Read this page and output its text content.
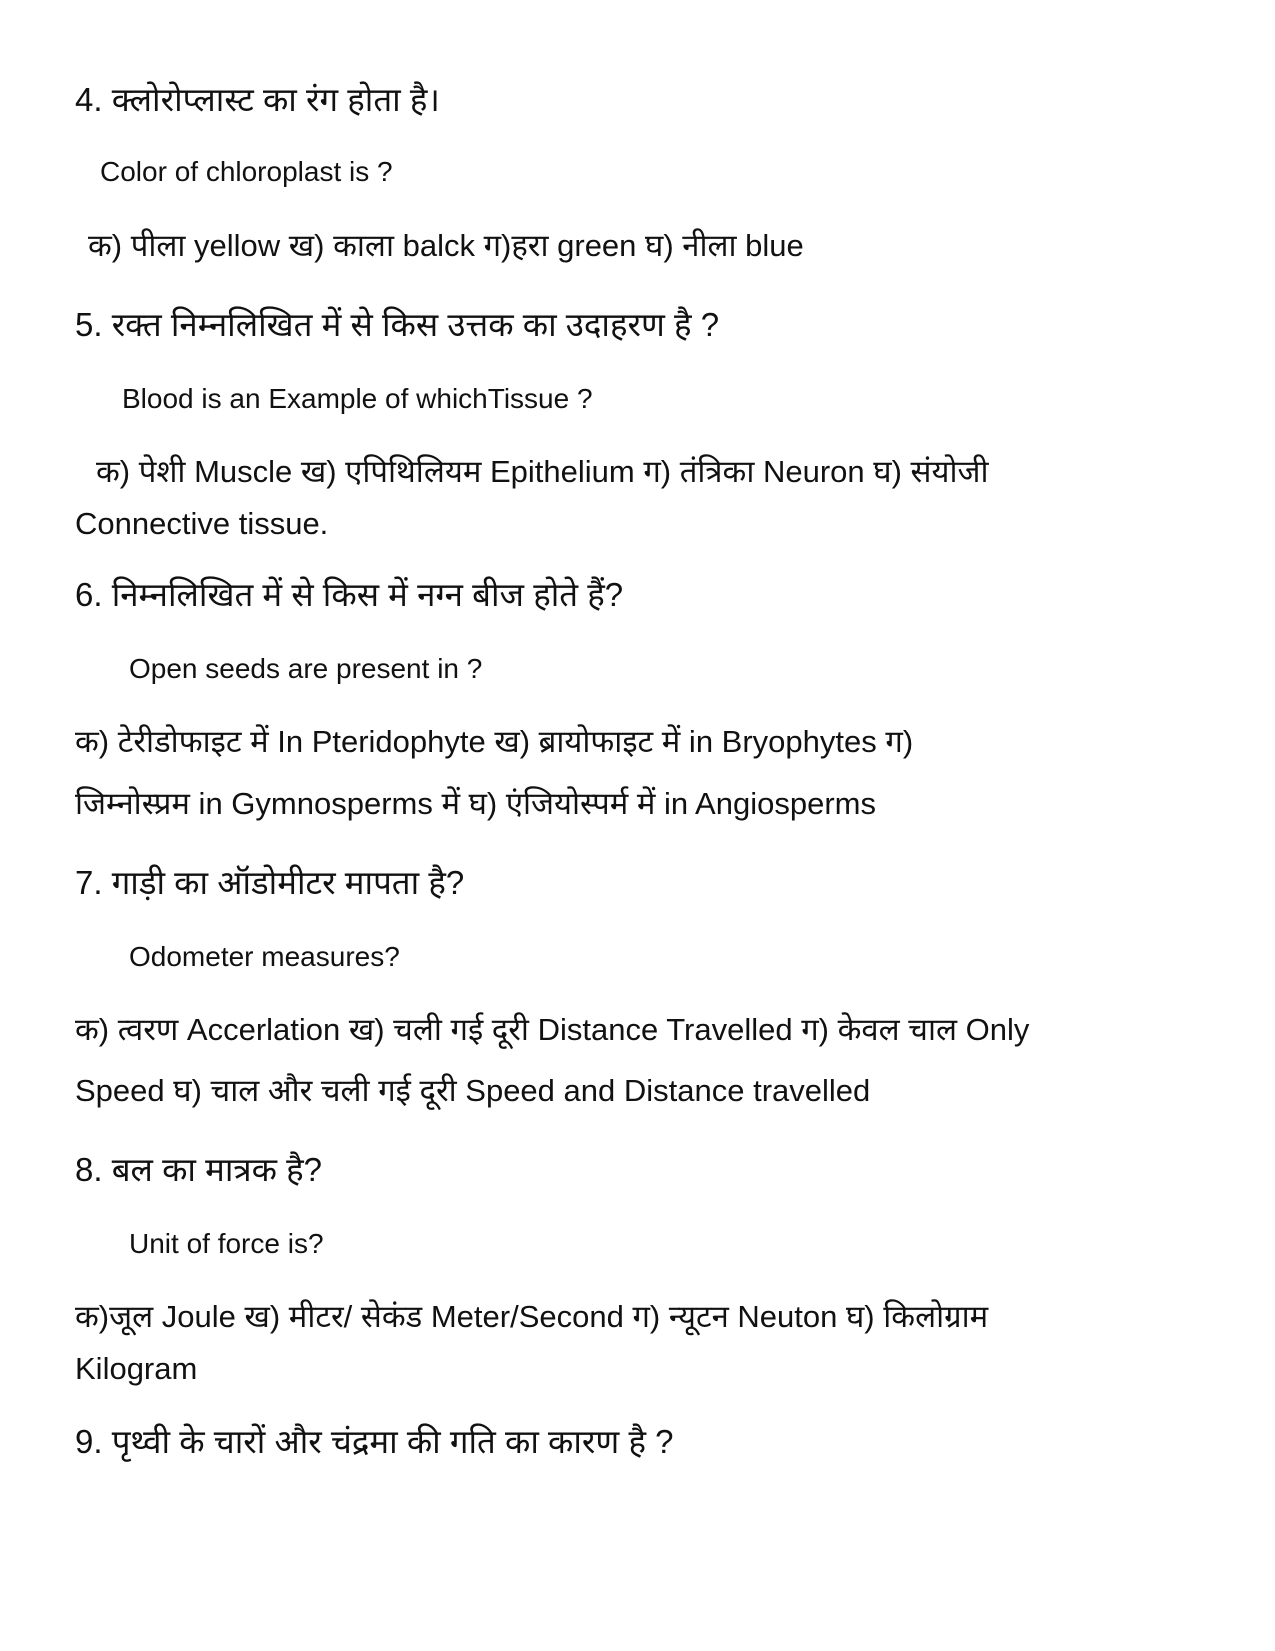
4. क्लोरोप्लास्ट का रंग होता है।
Color of chloroplast is ?
क) पीला yellow ख) काला balck ग)हरा green घ) नीला blue
5. रक्त निम्नलिखित में से किस उत्तक का उदाहरण है ?
Blood is an Example of whichTissue ?
क) पेशी Muscle ख) एपिथिलियम Epithelium ग) तंत्रिका Neuron घ) संयोजी
Connective tissue.
6. निम्नलिखित में से किस में नग्न बीज होते हैं?
Open seeds are present in ?
क) टेरीडोफाइट में In Pteridophyte ख) ब्रायोफाइट में in Bryophytes ग)
जिम्नोस्प्रम in Gymnosperms में घ) एंजियोस्पर्म में in Angiosperms
7. गाड़ी का ऑडोमीटर मापता है?
Odometer measures?
क) त्वरण Accerlation ख) चली गई दूरी Distance Travelled ग) केवल चाल Only
Speed घ) चाल और चली गई दूरी Speed and Distance travelled
8. बल का मात्रक है?
Unit of force is?
क)जूल Joule ख) मीटर/ सेकंड Meter/Second ग) न्यूटन Neuton घ) किलोग्राम
Kilogram
9. पृथ्वी के चारों और चंद्रमा की गति का कारण है ?
